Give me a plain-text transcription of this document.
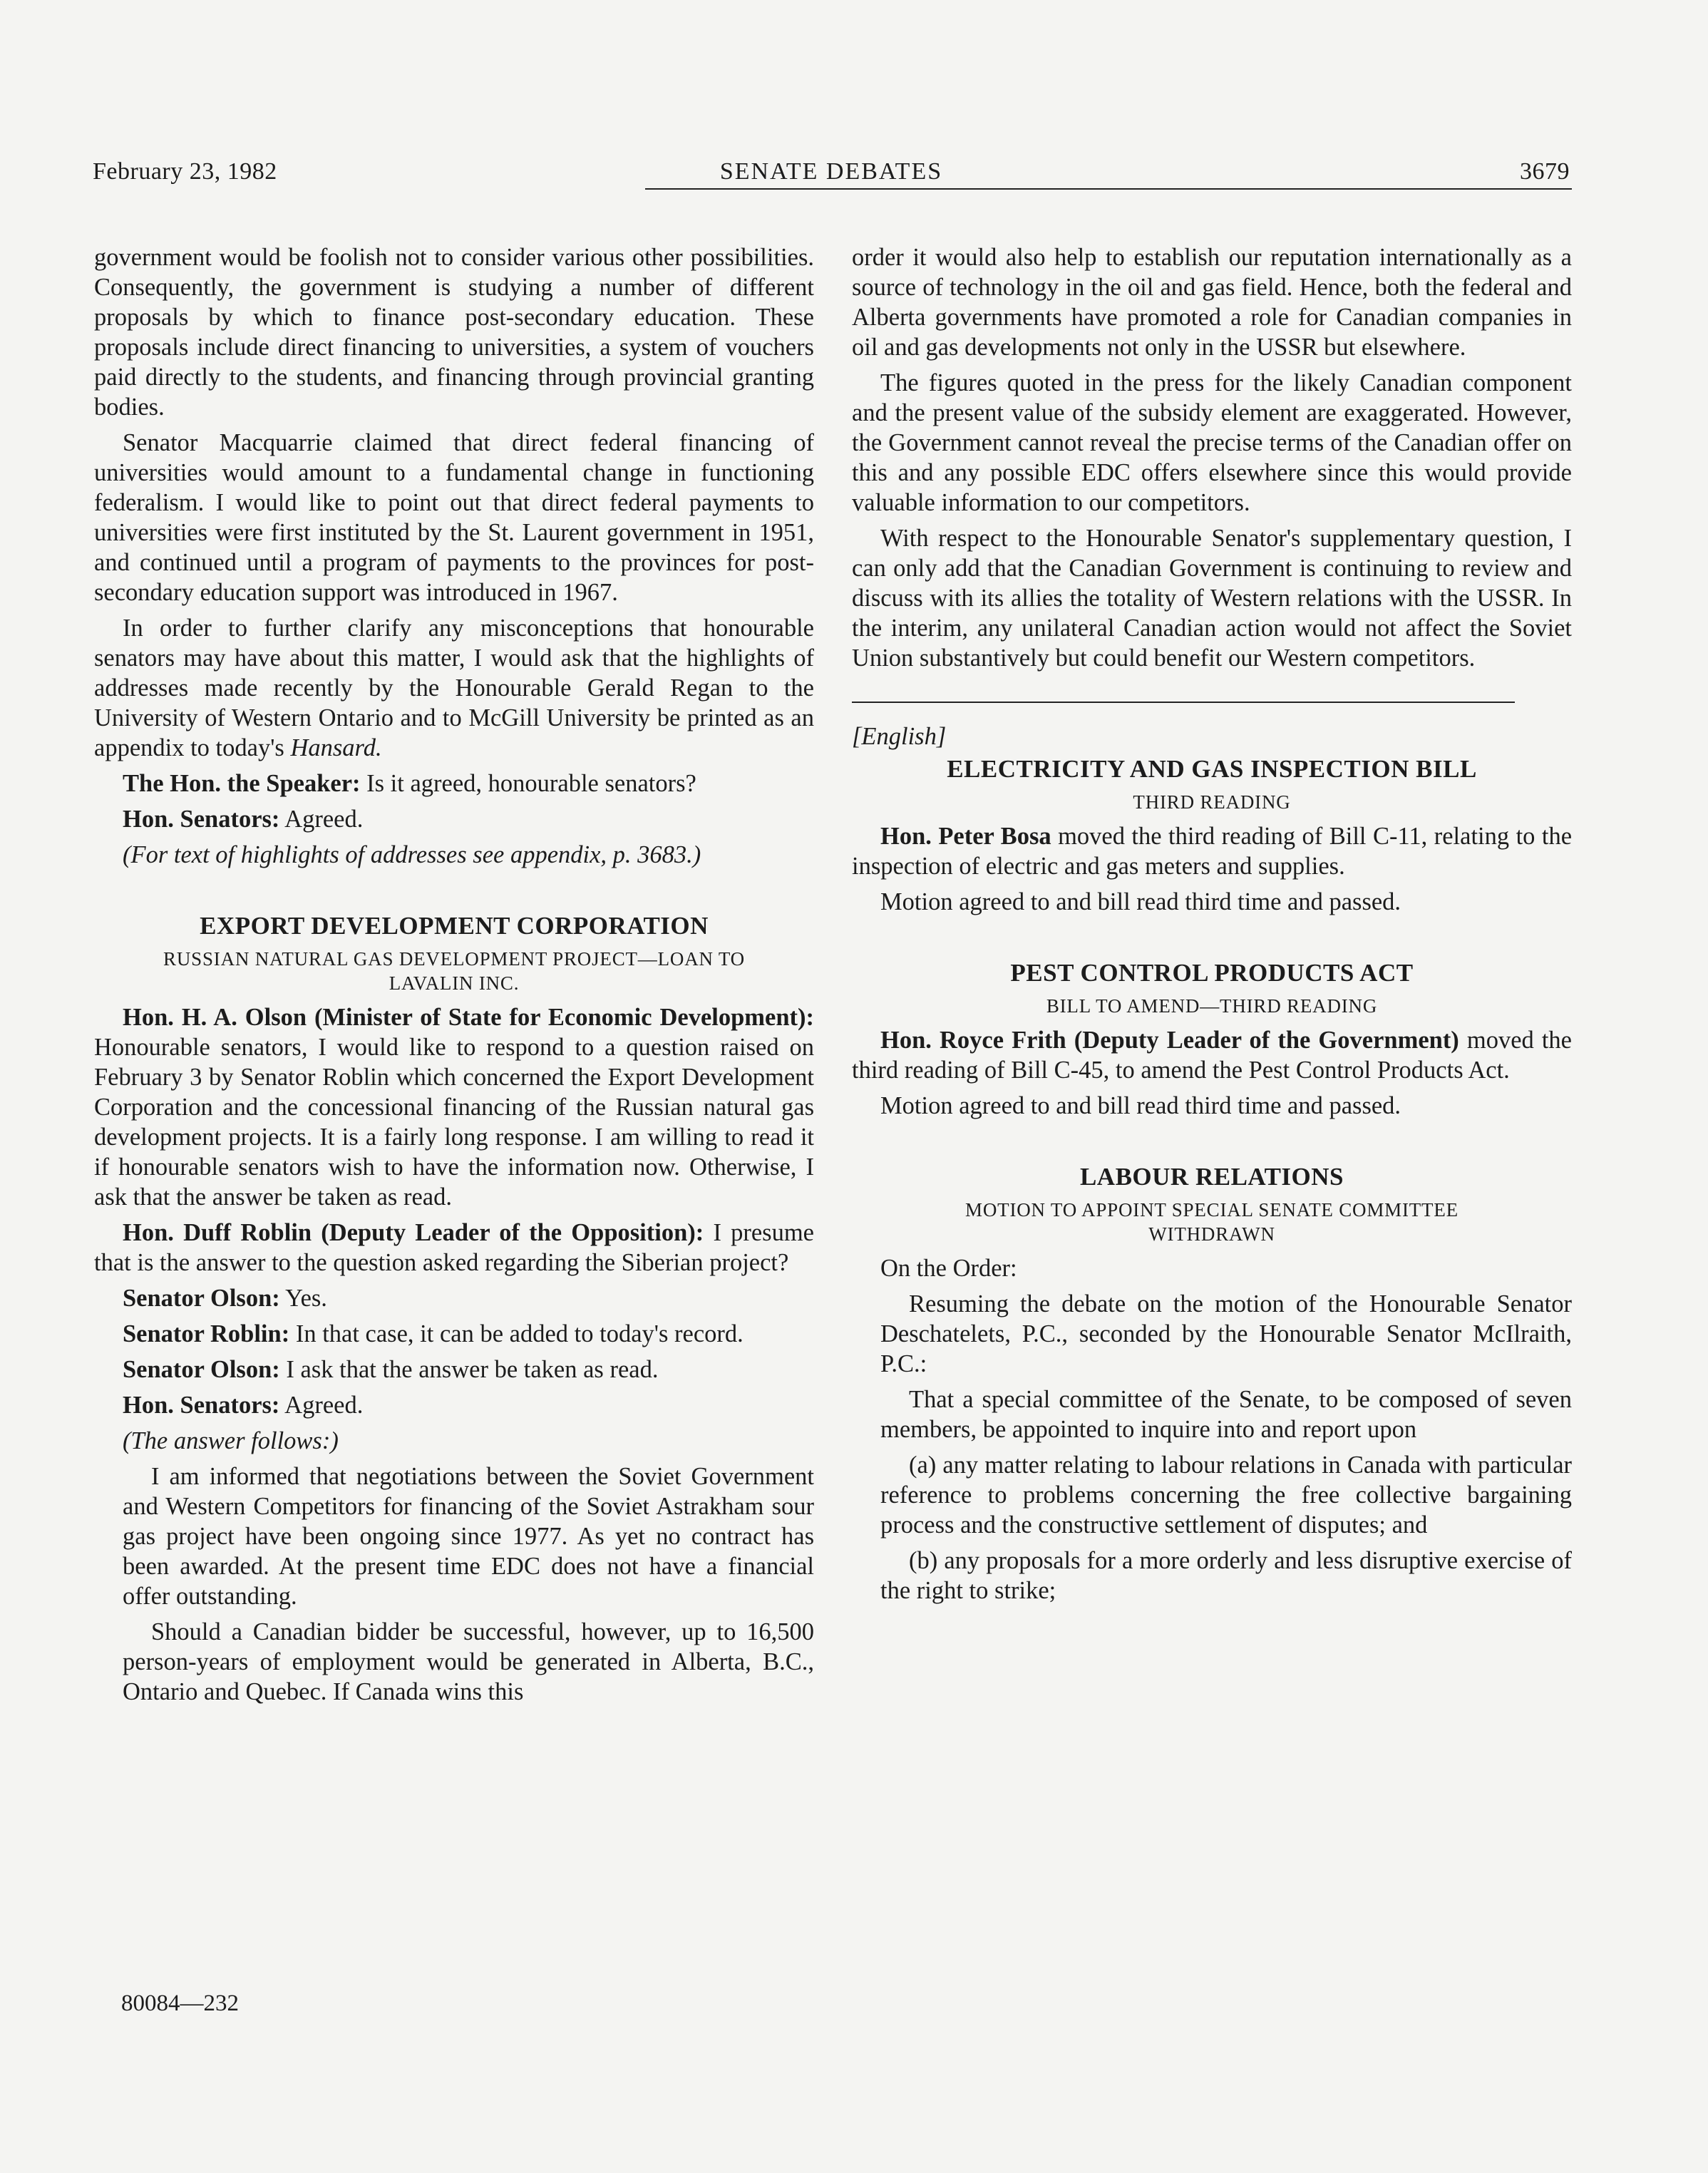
February 23, 1982	SENATE DEBATES	3679

government would be foolish not to consider various other possibilities. Consequently, the government is studying a number of different proposals by which to finance post-secondary education. These proposals include direct financing to universities, a system of vouchers paid directly to the students, and financing through provincial granting bodies.

Senator Macquarrie claimed that direct federal financing of universities would amount to a fundamental change in functioning federalism. I would like to point out that direct federal payments to universities were first instituted by the St. Laurent government in 1951, and continued until a program of payments to the provinces for post-secondary education support was introduced in 1967.

In order to further clarify any misconceptions that honourable senators may have about this matter, I would ask that the highlights of addresses made recently by the Honourable Gerald Regan to the University of Western Ontario and to McGill University be printed as an appendix to today's Hansard.

The Hon. the Speaker: Is it agreed, honourable senators?

Hon. Senators: Agreed.

(For text of highlights of addresses see appendix, p. 3683.)

EXPORT DEVELOPMENT CORPORATION
RUSSIAN NATURAL GAS DEVELOPMENT PROJECT—LOAN TO
LAVALIN INC.

Hon. H. A. Olson (Minister of State for Economic Development): Honourable senators, I would like to respond to a question raised on February 3 by Senator Roblin which concerned the Export Development Corporation and the concessional financing of the Russian natural gas development projects. It is a fairly long response. I am willing to read it if honourable senators wish to have the information now. Otherwise, I ask that the answer be taken as read.

Hon. Duff Roblin (Deputy Leader of the Opposition): I presume that is the answer to the question asked regarding the Siberian project?

Senator Olson: Yes.

Senator Roblin: In that case, it can be added to today's record.

Senator Olson: I ask that the answer be taken as read.

Hon. Senators: Agreed.

(The answer follows:)

I am informed that negotiations between the Soviet Government and Western Competitors for financing of the Soviet Astrakham sour gas project have been ongoing since 1977. As yet no contract has been awarded. At the present time EDC does not have a financial offer outstanding.

Should a Canadian bidder be successful, however, up to 16,500 person-years of employment would be generated in Alberta, B.C., Ontario and Quebec. If Canada wins this

order it would also help to establish our reputation internationally as a source of technology in the oil and gas field. Hence, both the federal and Alberta governments have promoted a role for Canadian companies in oil and gas developments not only in the USSR but elsewhere.

The figures quoted in the press for the likely Canadian component and the present value of the subsidy element are exaggerated. However, the Government cannot reveal the precise terms of the Canadian offer on this and any possible EDC offers elsewhere since this would provide valuable information to our competitors.

With respect to the Honourable Senator's supplementary question, I can only add that the Canadian Government is continuing to review and discuss with its allies the totality of Western relations with the USSR. In the interim, any unilateral Canadian action would not affect the Soviet Union substantively but could benefit our Western competitors.

[English]

ELECTRICITY AND GAS INSPECTION BILL
THIRD READING

Hon. Peter Bosa moved the third reading of Bill C-11, relating to the inspection of electric and gas meters and supplies.

Motion agreed to and bill read third time and passed.

PEST CONTROL PRODUCTS ACT
BILL TO AMEND—THIRD READING

Hon. Royce Frith (Deputy Leader of the Government) moved the third reading of Bill C-45, to amend the Pest Control Products Act.

Motion agreed to and bill read third time and passed.

LABOUR RELATIONS
MOTION TO APPOINT SPECIAL SENATE COMMITTEE
WITHDRAWN

On the Order:

Resuming the debate on the motion of the Honourable Senator Deschatelets, P.C., seconded by the Honourable Senator McIlraith, P.C.:

That a special committee of the Senate, to be composed of seven members, be appointed to inquire into and report upon

(a) any matter relating to labour relations in Canada with particular reference to problems concerning the free collective bargaining process and the constructive settlement of disputes; and

(b) any proposals for a more orderly and less disruptive exercise of the right to strike;

80084—232
